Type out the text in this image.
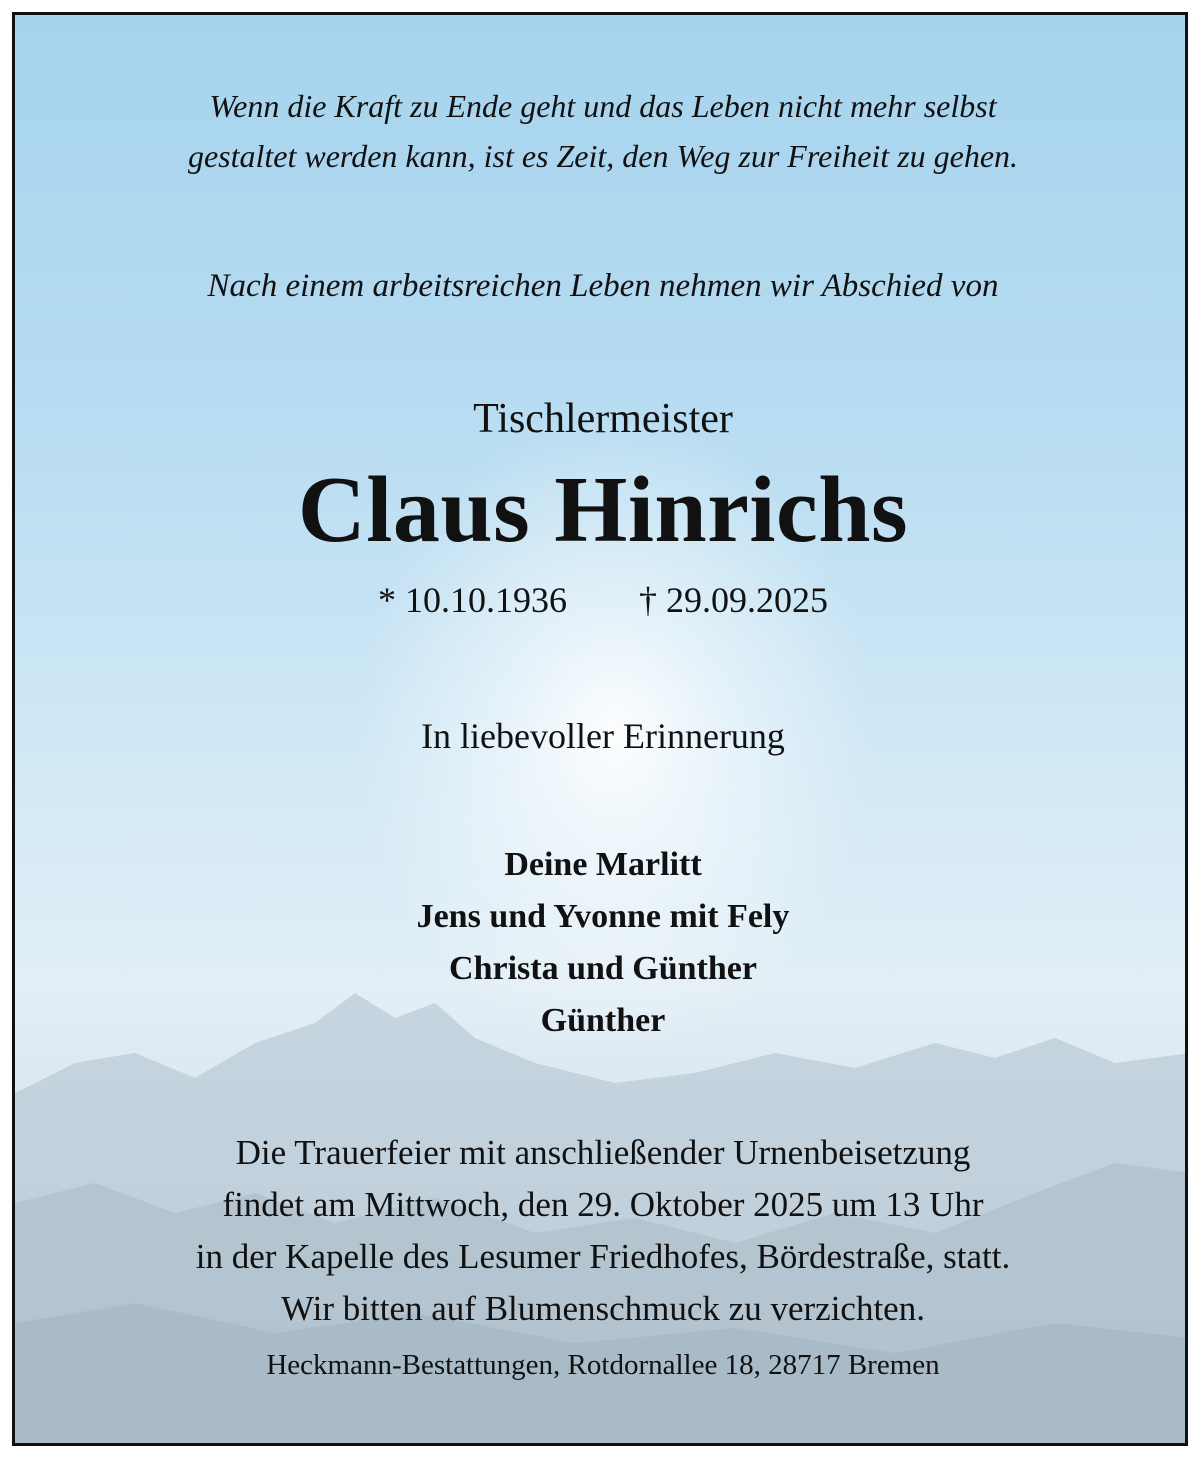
Wenn die Kraft zu Ende geht und das Leben nicht mehr selbst
gestaltet werden kann, ist es Zeit, den Weg zur Freiheit zu gehen.
Nach einem arbeitsreichen Leben nehmen wir Abschied von
Tischlermeister
Claus Hinrichs
* 10.10.1936 † 29.09.2025
In liebevoller Erinnerung
Deine Marlitt
Jens und Yvonne mit Fely
Christa und Günther
Günther
Die Trauerfeier mit anschließender Urnenbeisetzung
findet am Mittwoch, den 29. Oktober 2025 um 13 Uhr
in der Kapelle des Lesumer Friedhofes, Bördestraße, statt.
Wir bitten auf Blumenschmuck zu verzichten.
Heckmann-Bestattungen, Rotdornallee 18, 28717 Bremen
